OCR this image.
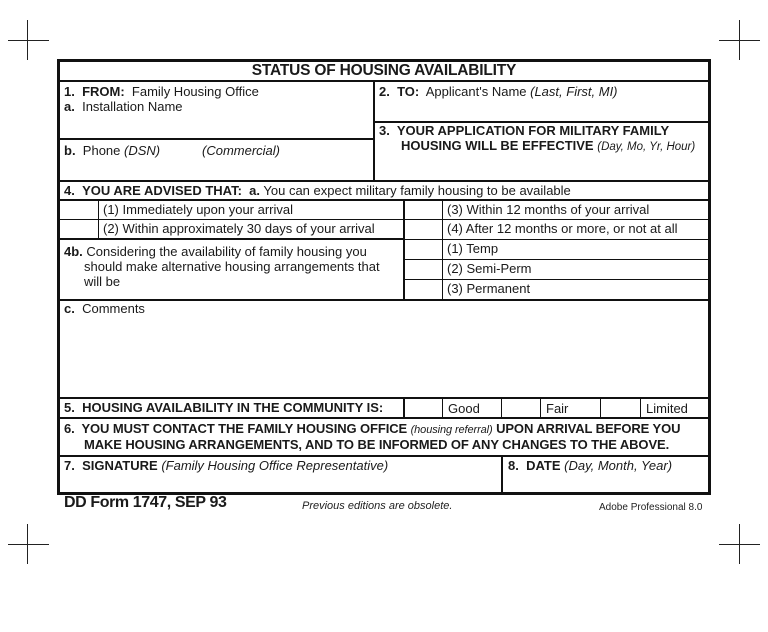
STATUS OF HOUSING AVAILABILITY
1. FROM: Family Housing Office
a. Installation Name
b. Phone (DSN)	(Commercial)
2. TO: Applicant's Name (Last, First, MI)
3. YOUR APPLICATION FOR MILITARY FAMILY
HOUSING WILL BE EFFECTIVE (Day, Mo, Yr, Hour)
4. YOU ARE ADVISED THAT: a. You can expect military family housing to be available
(1) Immediately upon your arrival
(2) Within approximately 30 days of your arrival
(3) Within 12 months of your arrival
(4) After 12 months or more, or not at all
4b. Considering the availability of family housing you
should make alternative housing arrangements that
will be
(1) Temp
(2) Semi-Perm
(3) Permanent
c. Comments
5. HOUSING AVAILABILITY IN THE COMMUNITY IS:	Good	Fair	Limited
6. YOU MUST CONTACT THE FAMILY HOUSING OFFICE (housing referral) UPON ARRIVAL BEFORE YOU
MAKE HOUSING ARRANGEMENTS, AND TO BE INFORMED OF ANY CHANGES TO THE ABOVE.
7. SIGNATURE (Family Housing Office Representative)	8. DATE (Day, Month, Year)
DD Form 1747, SEP 93	Previous editions are obsolete.	Adobe Professional 8.0
